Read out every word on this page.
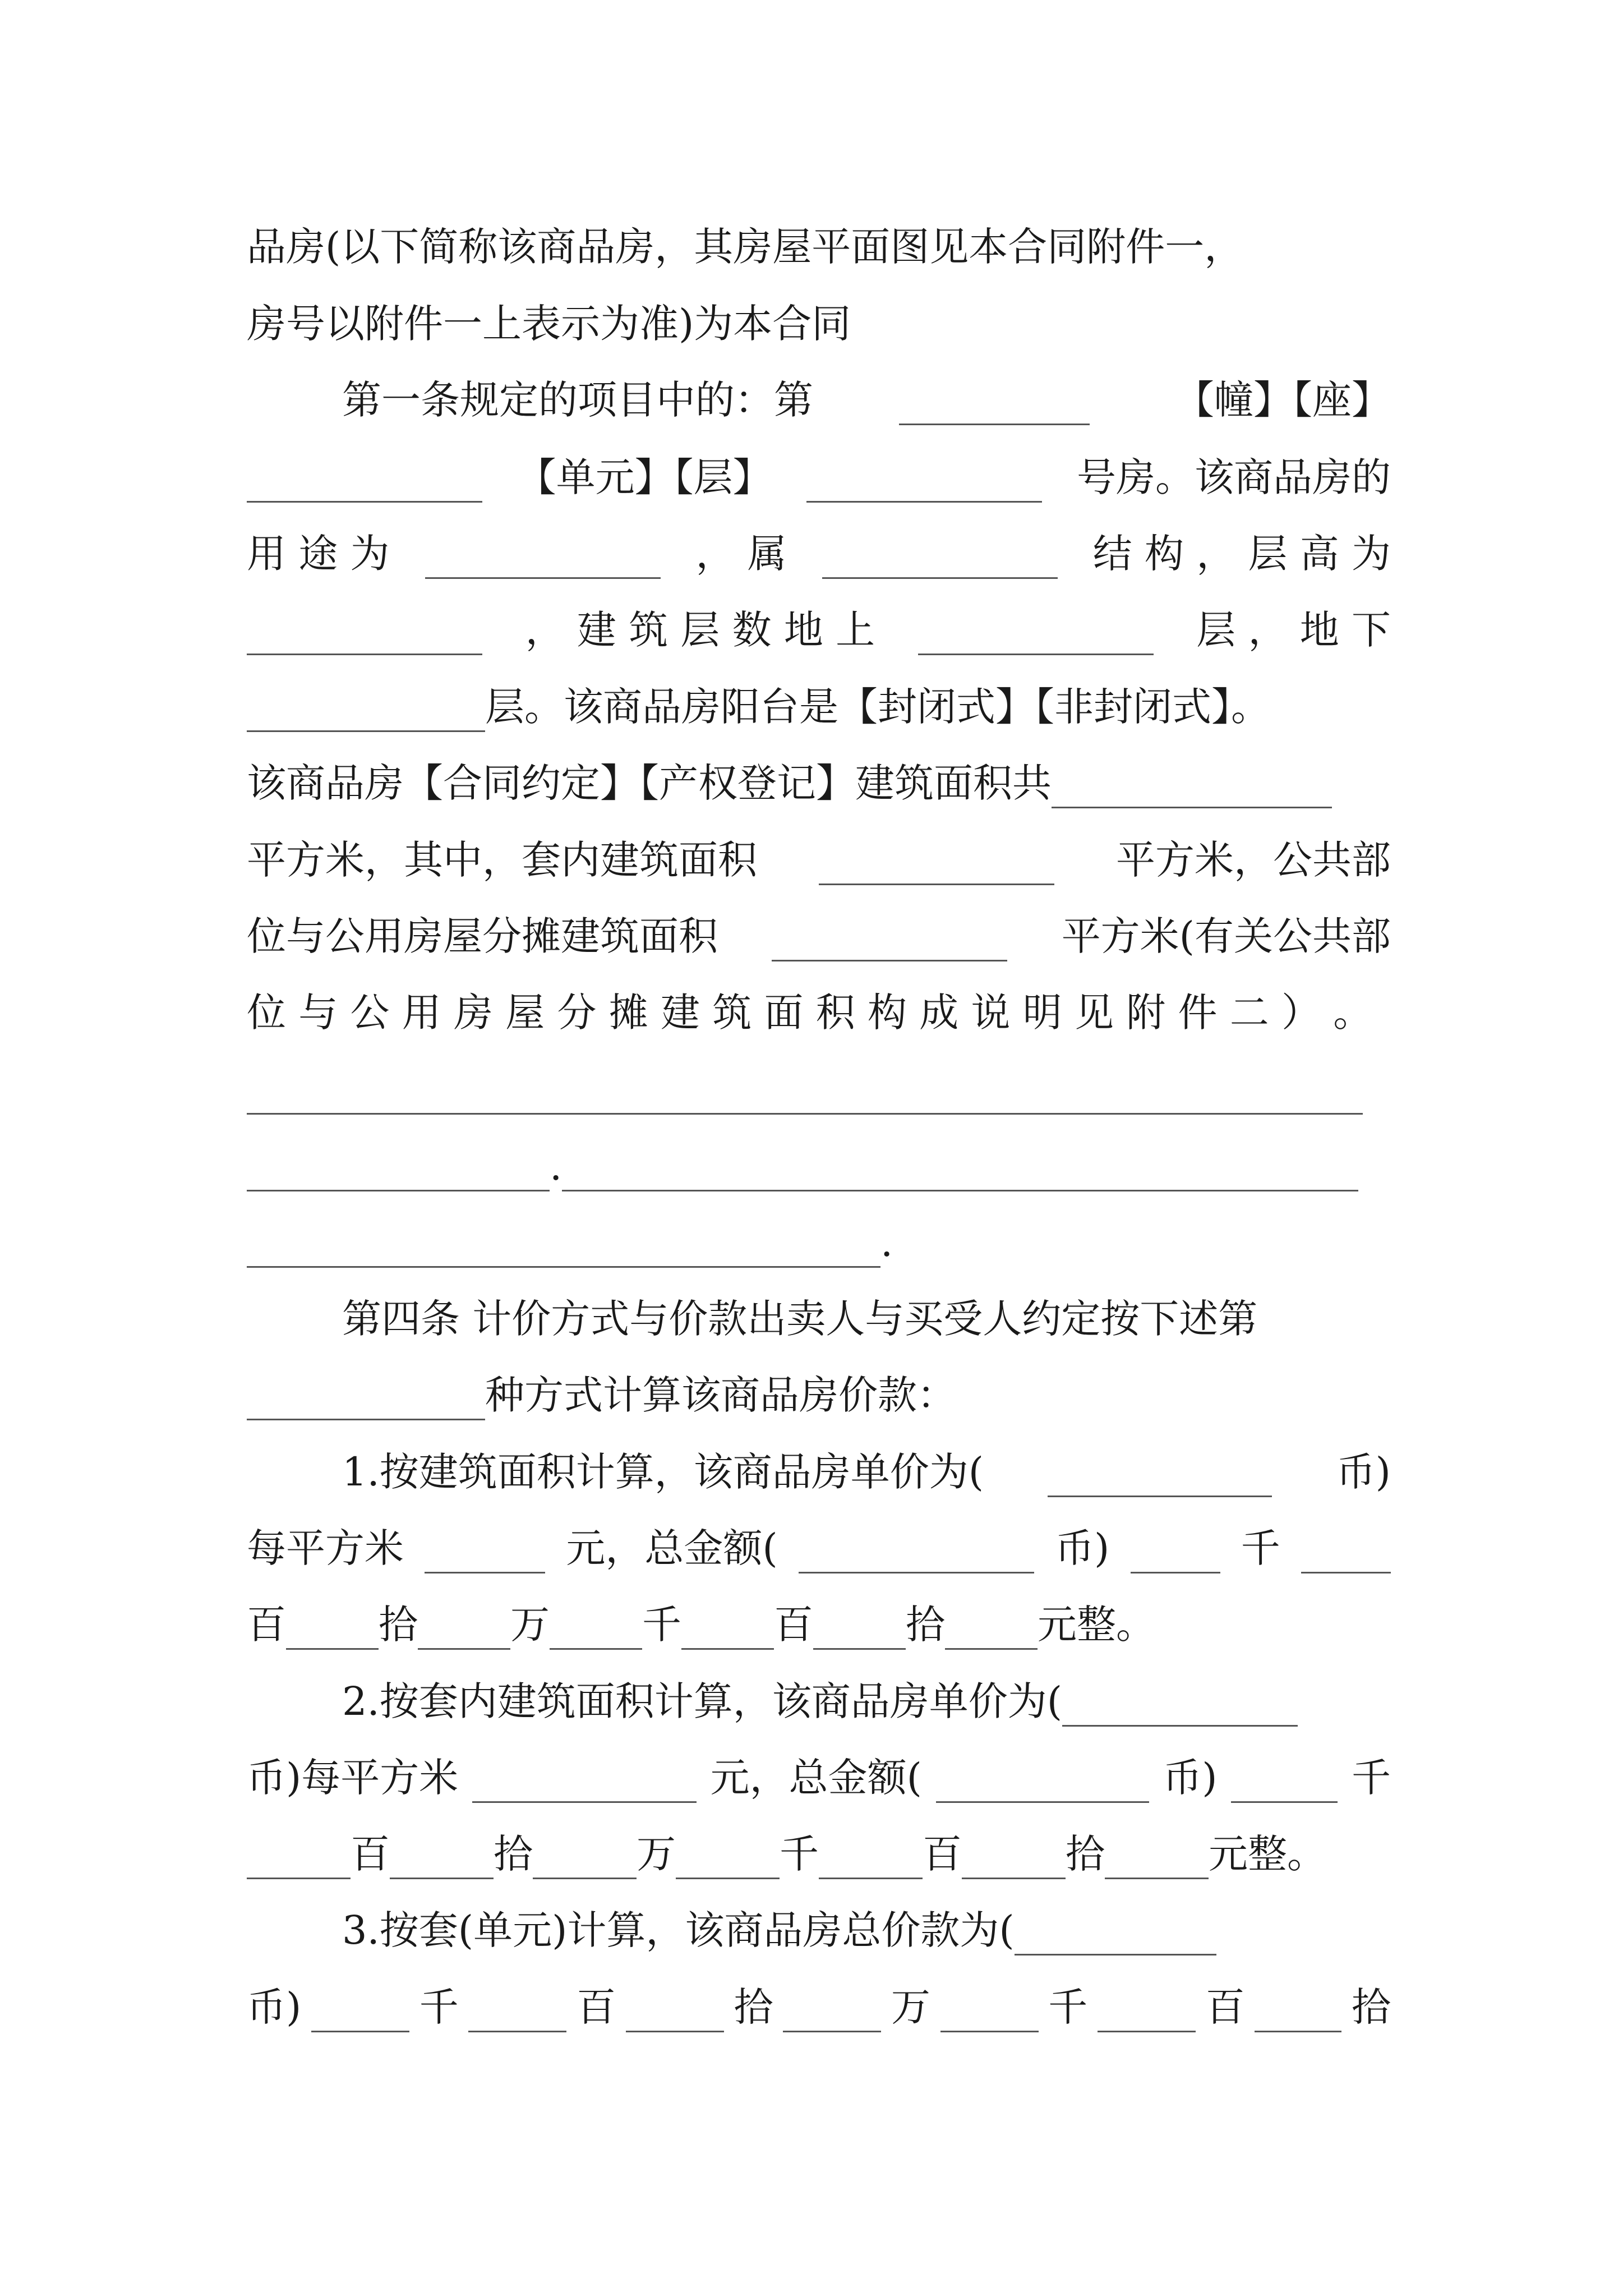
品房(以下简称该商品房，其房屋平面图见本合同附件一，
房号以附件一上表示为准)为本合同
第一条规定的项目中的：第	【幢】【座】
【单元】【层】	号房。该商品房的
用 途 为	， 属	结 构 ， 层 高 为
， 建 筑 层 数 地 上	层 ， 地 下
层。该商品房阳台是【封闭式】【非封闭式】。
该商品房【合同约定】【产权登记】建筑面积共
平方米，其中，套内建筑面积	平方米，公共部
位与公用房屋分摊建筑面积	平方米(有关公共部
位 与 公 用 房 屋 分 摊 建 筑 面 积 构 成 说 明 见 附 件 二 ） 。
.
.
第四条 计价方式与价款出卖人与买受人约定按下述第
种方式计算该商品房价款：
1.按建筑面积计算，该商品房单价为(	币)
每平方米	元，总金额(	币)	千
百 拾 万 千 百 拾 元整。
2.按套内建筑面积计算，该商品房单价为(
币)每平方米	元，总金额(	币)	千
百	拾	万	千	百	拾	元整。
3.按套(单元)计算，该商品房总价款为(
币)	千	百	拾	万	千	百	拾
